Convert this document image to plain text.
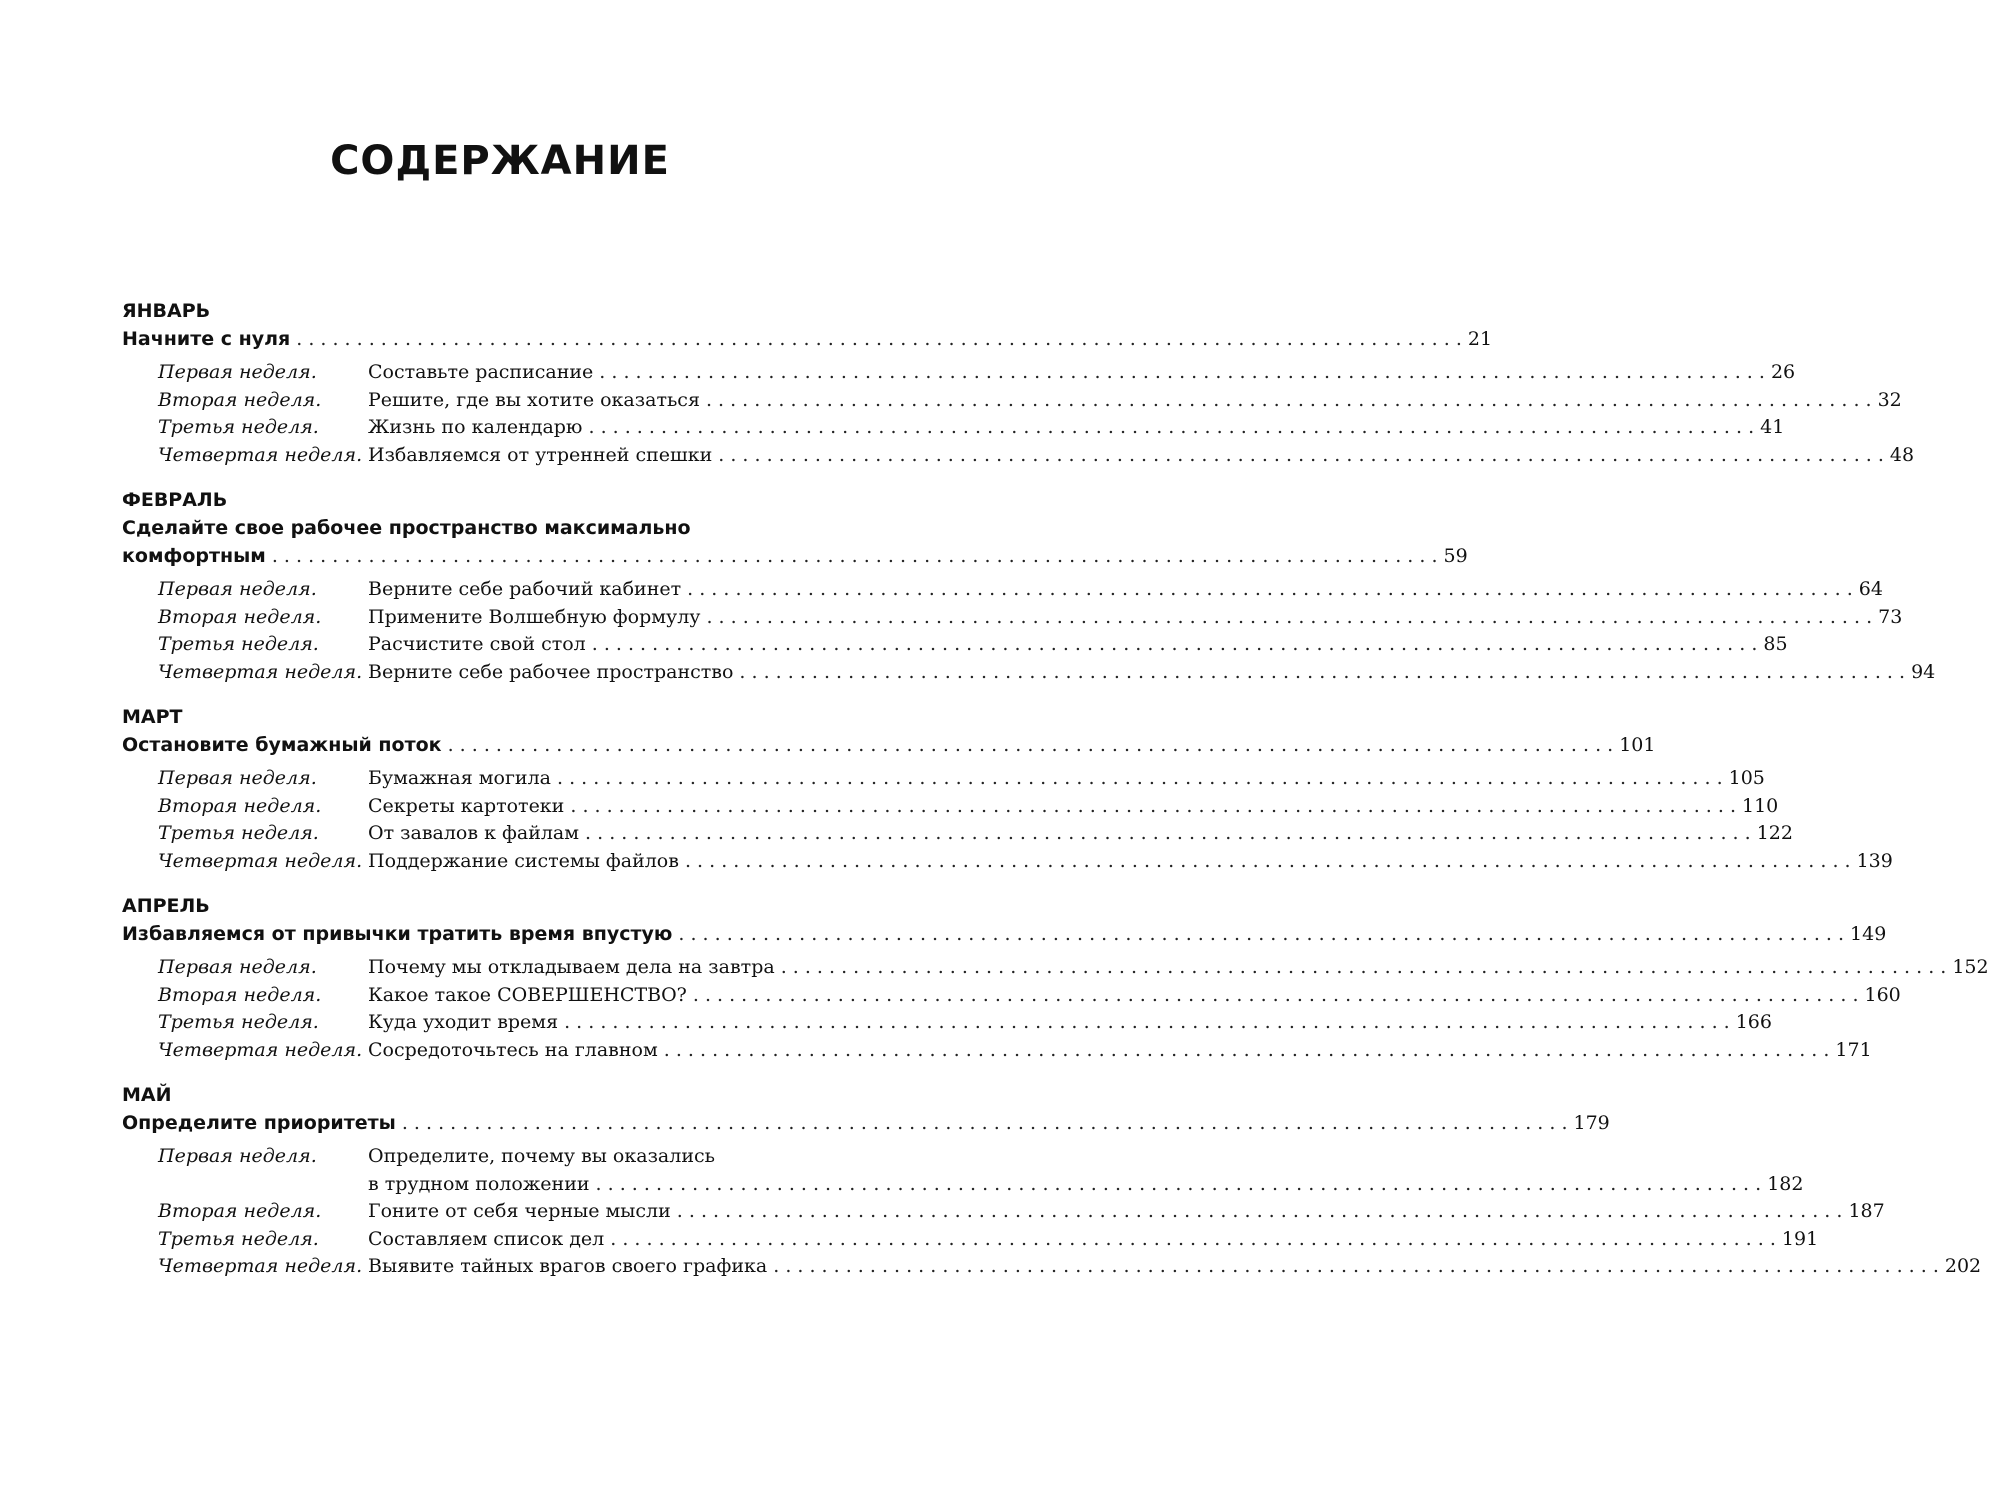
СОДЕРЖАНИЕ
ЯНВАРЬ
Начните с нуля . . .	21
Первая неделя.	Составьте расписание . . .	26
Вторая неделя.	Решите, где вы хотите оказаться . . .	32
Третья неделя.	Жизнь по календарю . . .	41
Четвертая неделя. Избавляемся от утренней спешки . . .	48
ФЕВРАЛЬ
Сделайте свое рабочее пространство максимально
комфортным . . .	59
Первая неделя.	Верните себе рабочий кабинет . . .	64
Вторая неделя.	Примените Волшебную формулу . . .	73
Третья неделя.	Расчистите свой стол . . .	85
Четвертая неделя. Верните себе рабочее пространство . . .	94
МАРТ
Остановите бумажный поток . . .	101
Первая неделя.	Бумажная могила . . .	105
Вторая неделя.	Секреты картотеки . . .	110
Третья неделя.	От завалов к файлам . . .	122
Четвертая неделя. Поддержание системы файлов . . .	139
АПРЕЛЬ
Избавляемся от привычки тратить время впустую . . .	149
Первая неделя.	Почему мы откладываем дела на завтра . . .	152
Вторая неделя.	Какое такое СОВЕРШЕНСТВО? . . .	160
Третья неделя.	Куда уходит время . . .	166
Четвертая неделя. Сосредоточьтесь на главном . . .	171
МАЙ
Определите приоритеты . . .	179
Первая неделя.	Определите, почему вы оказались
в трудном положении . . .	182
Вторая неделя.	Гоните от себя черные мысли . . .	187
Третья неделя.	Составляем список дел . . .	191
Четвертая неделя. Выявите тайных врагов своего графика . . .	202
